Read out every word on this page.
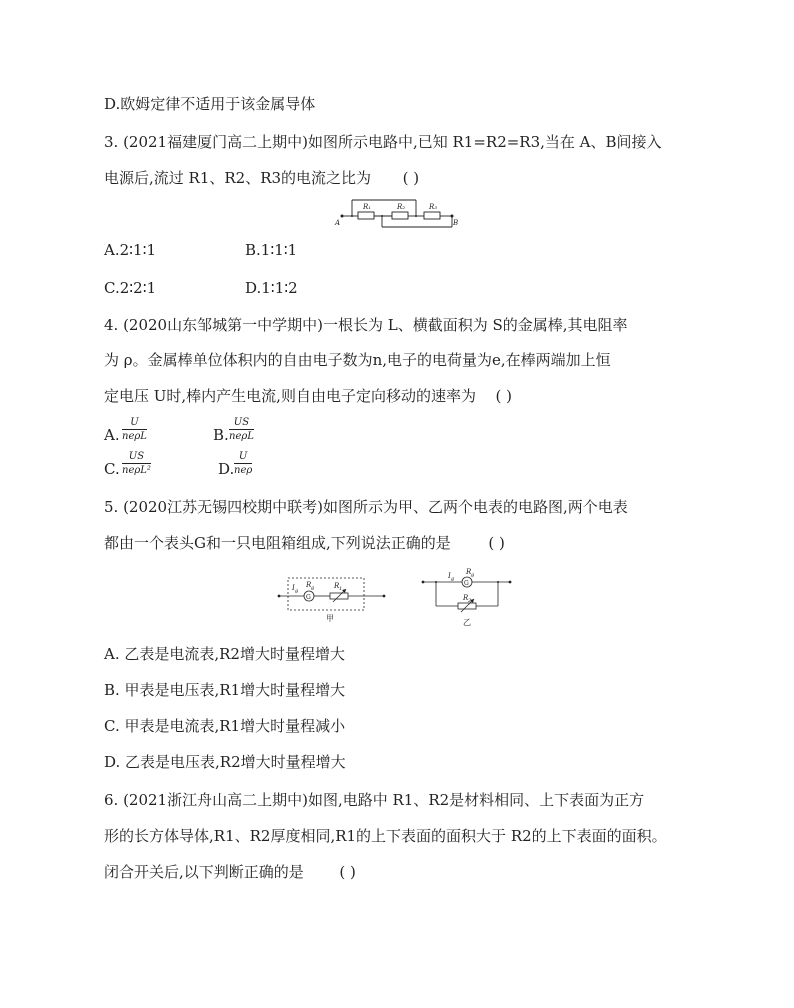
D.欧姆定律不适用于该金属导体
3. (2021福建厦门高二上期中)如图所示电路中,已知 R1=R2=R3,当在 A、B间接入
电源后,流过 R1、R2、R3的电流之比为 ( )
R₁	R₂	R₃
A	B
A.2∶1∶1	B.1∶1∶1
C.2∶2∶1	D.1∶1∶2
4. (2020山东邹城第一中学期中)一根长为 L、横截面积为 S的金属棒,其电阻率
为 ρ。金属棒单位体积内的自由电子数为n,电子的电荷量为e,在棒两端加上恒
定电压 U时,棒内产生电流,则自由电子定向移动的速率为 ( )
A.
U
neρL	B.
US
neρL
C.
US
neρL²	D.
U
neρ
5. (2020江苏无锡四校期中联考)如图所示为甲、乙两个电表的电路图,两个电表
都由一个表头G和一只电阻箱组成,下列说法正确的是	( )
I g
R g	R 1
G
甲
I g
R g
R 2
G
乙
A. 乙表是电流表,R2增大时量程增大
B. 甲表是电压表,R1增大时量程增大
C. 甲表是电流表,R1增大时量程减小
D. 乙表是电压表,R2增大时量程增大
6. (2021浙江舟山高二上期中)如图,电路中 R1、R2是材料相同、上下表面为正方
形的长方体导体,R1、R2厚度相同,R1的上下表面的面积大于 R2的上下表面的面积。
闭合开关后,以下判断正确的是 ( )
